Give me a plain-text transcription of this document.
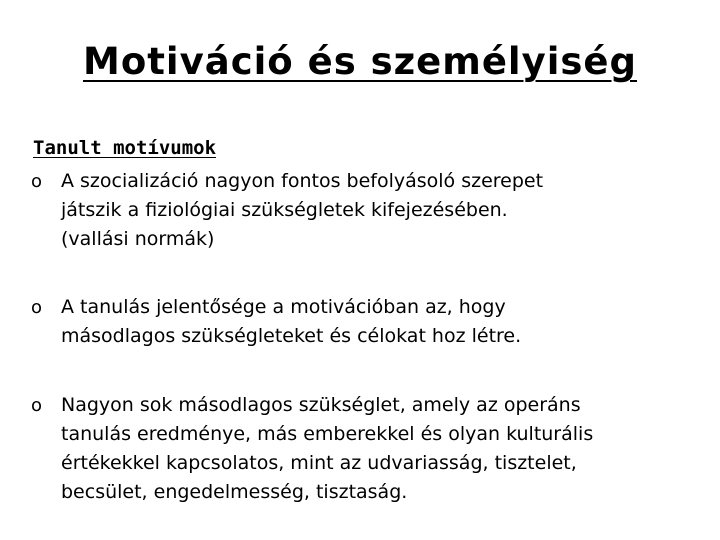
Motiváció és személyiség
Tanult motívumok
o A szocializáció nagyon fontos befolyásoló szerepet
játszik a fiziológiai szükségletek kifejezésében.
(vallási normák)
o A tanulás jelentősége a motivációban az, hogy
másodlagos szükségleteket és célokat hoz létre.
o Nagyon sok másodlagos szükséglet, amely az operáns
tanulás eredménye, más emberekkel és olyan kulturális
értékekkel kapcsolatos, mint az udvariasság, tisztelet,
becsület, engedelmesség, tisztaság.
